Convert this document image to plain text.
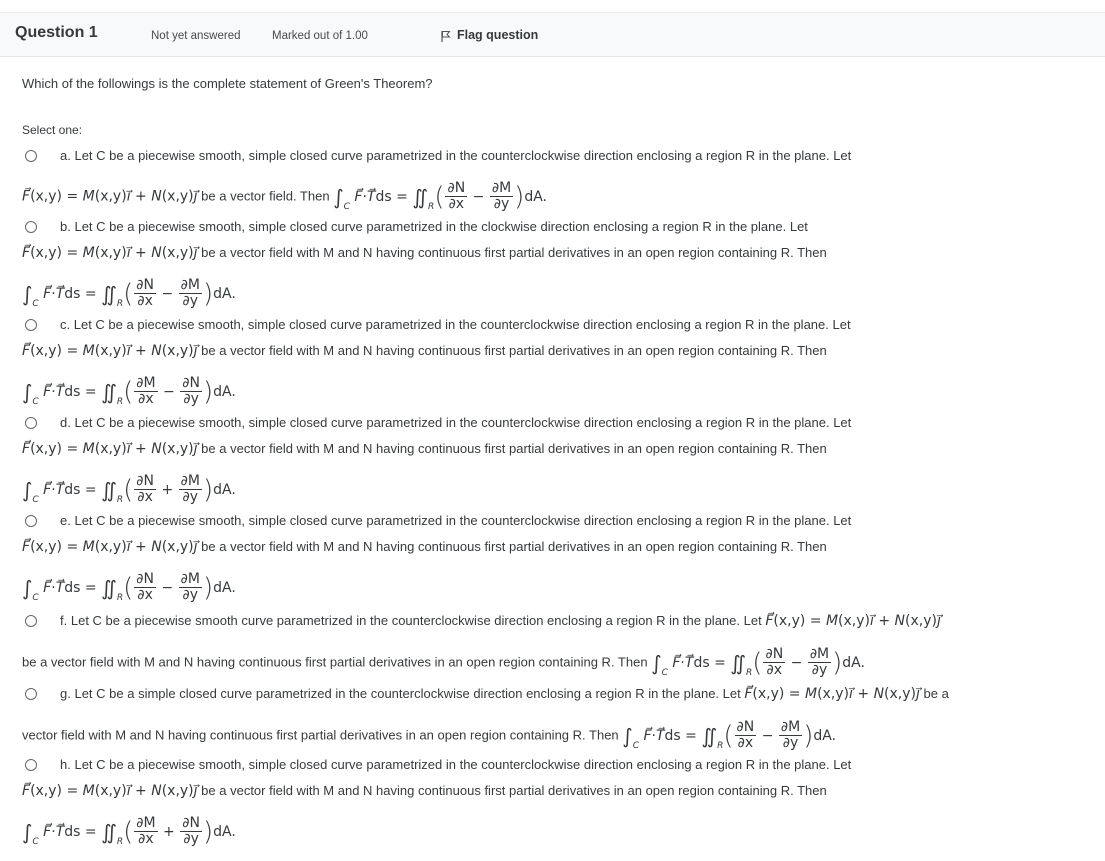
Question 1	Not yet answered	Marked out of 1.00	Flag question
Which of the followings is the complete statement of Green's Theorem?
Select one:
a. Let C be a piecewise smooth, simple closed curve parametrized in the counterclockwise direction enclosing a region R in the plane. Let
F⃗(x,y) = M(x,y)i⃗ + N(x,y)j⃗ be a vector field. Then $\int_C$ F⃗·T⃗ds = $∬_R( \frac{\partial N}{\partial x} - \frac{\partial M}{\partial y} )dA$.
b. Let C be a piecewise smooth, simple closed curve parametrized in the clockwise direction enclosing a region R in the plane. Let
F⃗(x,y) = M(x,y)i⃗ + N(x,y)j⃗ be a vector field with M and N having continuous first partial derivatives in an open region containing R. Then
$\int_C$ F⃗·T⃗ds = $∬_R( \frac{\partial N}{\partial x} - \frac{\partial M}{\partial y} )dA$.
c. Let C be a piecewise smooth, simple closed curve parametrized in the counterclockwise direction enclosing a region R in the plane. Let
F⃗(x,y) = M(x,y)i⃗ + N(x,y)j⃗ be a vector field with M and N having continuous first partial derivatives in an open region containing R. Then
$\int_C$ F⃗·T⃗ds = $∬_R( \frac{\partial M}{\partial x} - \frac{\partial N}{\partial y} )dA$.
d. Let C be a piecewise smooth, simple closed curve parametrized in the counterclockwise direction enclosing a region R in the plane. Let
F⃗(x,y) = M(x,y)i⃗ + N(x,y)j⃗ be a vector field with M and N having continuous first partial derivatives in an open region containing R. Then
$\int_C$ F⃗·T⃗ds = $∬_R( \frac{\partial N}{\partial x} + \frac{\partial M}{\partial y} )dA$.
e. Let C be a piecewise smooth, simple closed curve parametrized in the counterclockwise direction enclosing a region R in the plane. Let
F⃗(x,y) = M(x,y)i⃗ + N(x,y)j⃗ be a vector field with M and N having continuous first partial derivatives in an open region containing R. Then
$\int_C$ F⃗·T⃗ds = $∬_R( \frac{\partial N}{\partial x} - \frac{\partial M}{\partial y} )dA$.
f. Let C be a piecewise smooth curve parametrized in the counterclockwise direction enclosing a region R in the plane. Let F⃗(x,y) = M(x,y)i⃗ + N(x,y)j⃗
be a vector field with M and N having continuous first partial derivatives in an open region containing R. Then $\int_C$ F⃗·T⃗ds = $∬_R( \frac{\partial N}{\partial x} - \frac{\partial M}{\partial y} )dA$.
g. Let C be a simple closed curve parametrized in the counterclockwise direction enclosing a region R in the plane. Let F⃗(x,y) = M(x,y)i⃗ + N(x,y)j⃗ be a
vector field with M and N having continuous first partial derivatives in an open region containing R. Then $\int_C$ F⃗·T⃗ds = $∬_R( \frac{\partial N}{\partial x} - \frac{\partial M}{\partial y} )dA$.
h. Let C be a piecewise smooth, simple closed curve parametrized in the counterclockwise direction enclosing a region R in the plane. Let
F⃗(x,y) = M(x,y)i⃗ + N(x,y)j⃗ be a vector field with M and N having continuous first partial derivatives in an open region containing R. Then
$\int_C$ F⃗·T⃗ds = $∬_R( \frac{\partial M}{\partial x} + \frac{\partial N}{\partial y} )dA$.
